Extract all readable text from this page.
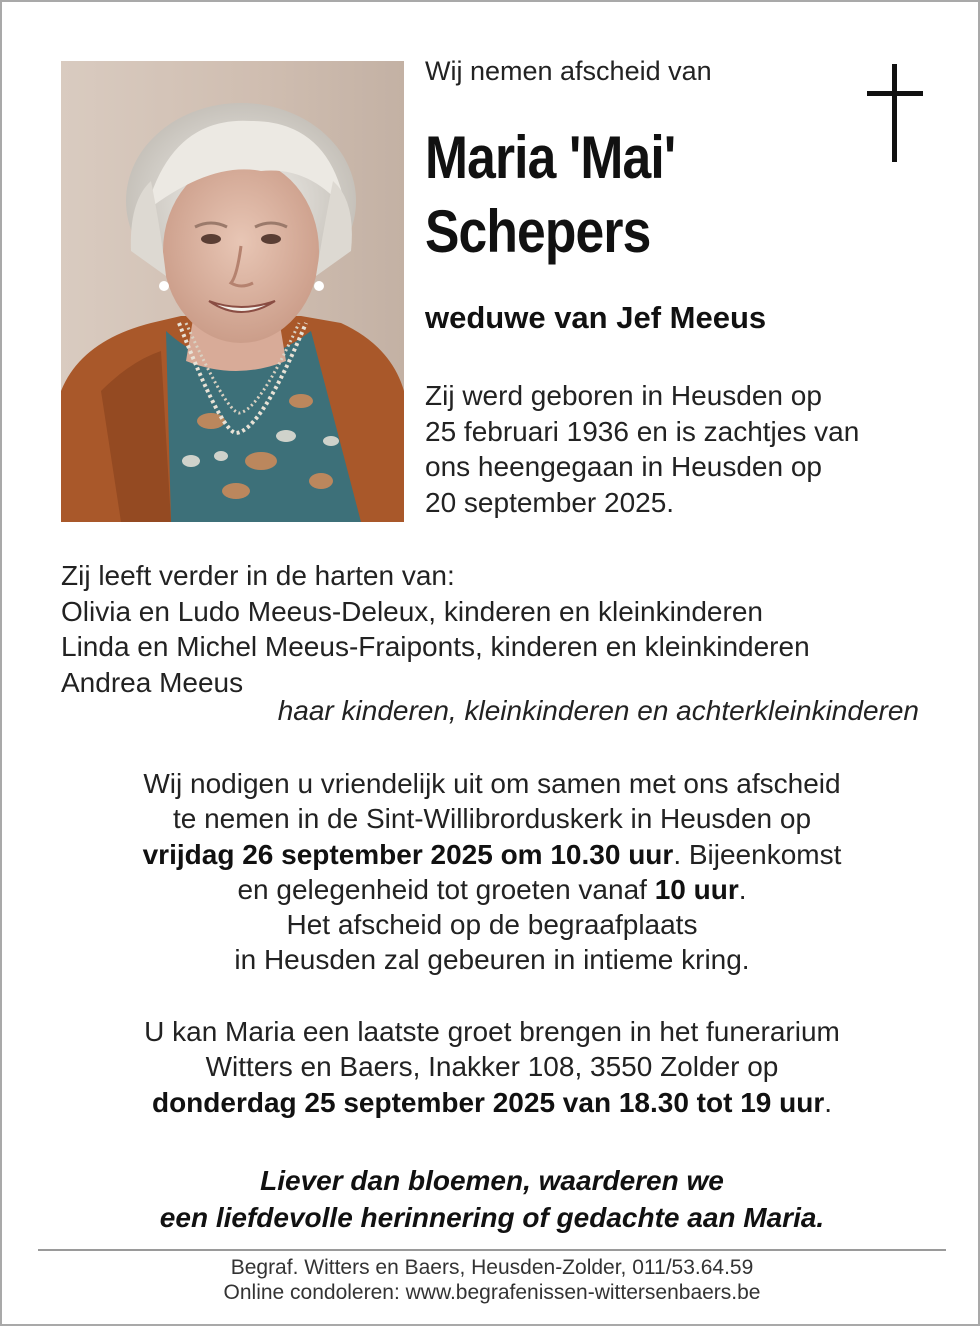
Wij nemen afscheid van
Maria 'Mai'
Schepers
weduwe van Jef Meeus
Zij werd geboren in Heusden op
25 februari 1936 en is zachtjes van
ons heengegaan in Heusden op
20 september 2025.
Zij leeft verder in de harten van:
Olivia en Ludo Meeus-Deleux, kinderen en kleinkinderen
Linda en Michel Meeus-Fraiponts, kinderen en kleinkinderen
Andrea Meeus
haar kinderen, kleinkinderen en achterkleinkinderen
Wij nodigen u vriendelijk uit om samen met ons afscheid
te nemen in de Sint-Willibrorduskerk in Heusden op
vrijdag 26 september 2025 om 10.30 uur. Bijeenkomst
en gelegenheid tot groeten vanaf 10 uur.
Het afscheid op de begraafplaats
in Heusden zal gebeuren in intieme kring.
U kan Maria een laatste groet brengen in het funerarium
Witters en Baers, Inakker 108, 3550 Zolder op
donderdag 25 september 2025 van 18.30 tot 19 uur.
Liever dan bloemen, waarderen we
een liefdevolle herinnering of gedachte aan Maria.
Begraf. Witters en Baers, Heusden-Zolder, 011/53.64.59
Online condoleren: www.begrafenissen-wittersenbaers.be
